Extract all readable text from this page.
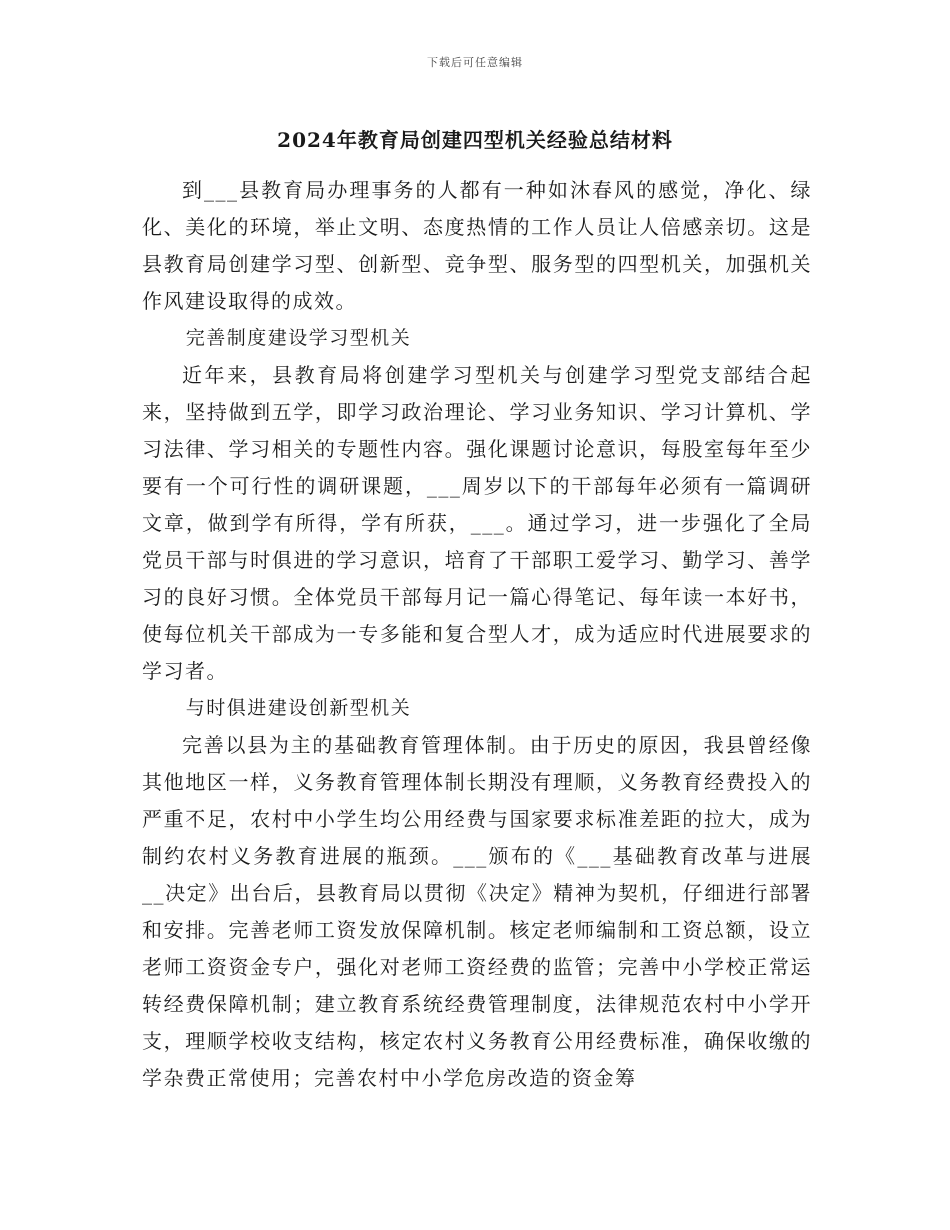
下载后可任意编辑
2024年教育局创建四型机关经验总结材料

到___县教育局办理事务的人都有一种如沐春风的感觉，净化、绿化、美化的环境，举止文明、态度热情的工作人员让人倍感亲切。这是县教育局创建学习型、创新型、竞争型、服务型的四型机关，加强机关作风建设取得的成效。

完善制度建设学习型机关

近年来，县教育局将创建学习型机关与创建学习型党支部结合起来，坚持做到五学，即学习政治理论、学习业务知识、学习计算机、学习法律、学习相关的专题性内容。强化课题讨论意识，每股室每年至少要有一个可行性的调研课题，___周岁以下的干部每年必须有一篇调研文章，做到学有所得，学有所获，___。通过学习，进一步强化了全局党员干部与时俱进的学习意识，培育了干部职工爱学习、勤学习、善学习的良好习惯。全体党员干部每月记一篇心得笔记、每年读一本好书，使每位机关干部成为一专多能和复合型人才，成为适应时代进展要求的学习者。

与时俱进建设创新型机关

完善以县为主的基础教育管理体制。由于历史的原因，我县曾经像其他地区一样，义务教育管理体制长期没有理顺，义务教育经费投入的严重不足，农村中小学生均公用经费与国家要求标准差距的拉大，成为制约农村义务教育进展的瓶颈。___颁布的《___基础教育改革与进展__决定》出台后，县教育局以贯彻《决定》精神为契机，仔细进行部署和安排。完善老师工资发放保障机制。核定老师编制和工资总额，设立老师工资资金专户，强化对老师工资经费的监管；完善中小学校正常运转经费保障机制；建立教育系统经费管理制度，法律规范农村中小学开支，理顺学校收支结构，核定农村义务教育公用经费标准，确保收缴的学杂费正常使用；完善农村中小学危房改造的资金筹
